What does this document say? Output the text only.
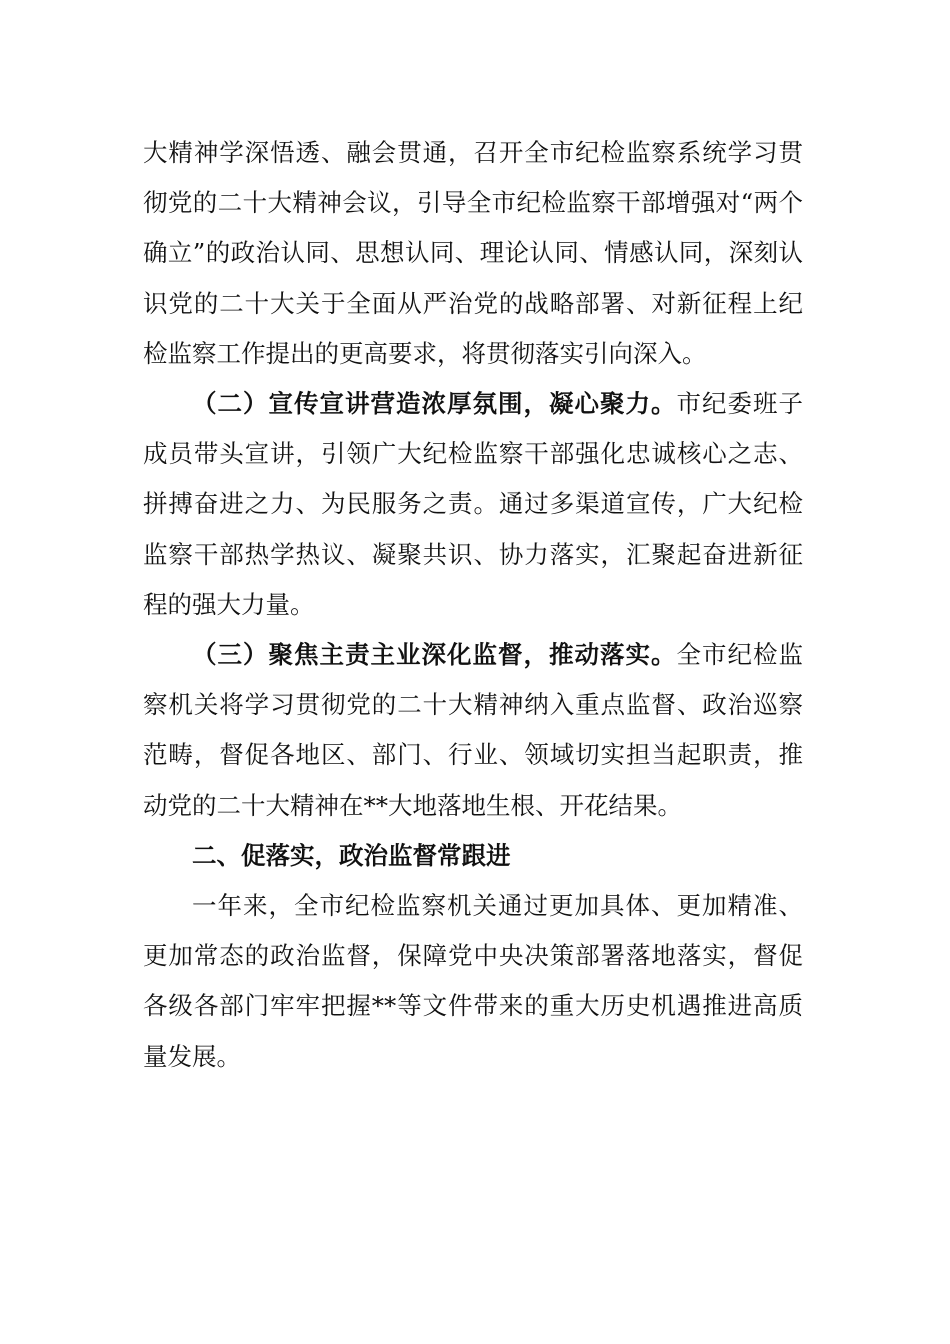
大精神学深悟透、融会贯通，召开全市纪检监察系统学习贯彻党的二十大精神会议，引导全市纪检监察干部增强对“两个确立”的政治认同、思想认同、理论认同、情感认同，深刻认识党的二十大关于全面从严治党的战略部署、对新征程上纪检监察工作提出的更高要求，将贯彻落实引向深入。

（二）宣传宣讲营造浓厚氛围，凝心聚力。市纪委班子成员带头宣讲，引领广大纪检监察干部强化忠诚核心之志、拼搏奋进之力、为民服务之责。通过多渠道宣传，广大纪检监察干部热学热议、凝聚共识、协力落实，汇聚起奋进新征程的强大力量。

（三）聚焦主责主业深化监督，推动落实。全市纪检监察机关将学习贯彻党的二十大精神纳入重点监督、政治巡察范畴，督促各地区、部门、行业、领域切实担当起职责，推动党的二十大精神在**大地落地生根、开花结果。

二、促落实，政治监督常跟进

一年来，全市纪检监察机关通过更加具体、更加精准、更加常态的政治监督，保障党中央决策部署落地落实，督促各级各部门牢牢把握**等文件带来的重大历史机遇推进高质量发展。
